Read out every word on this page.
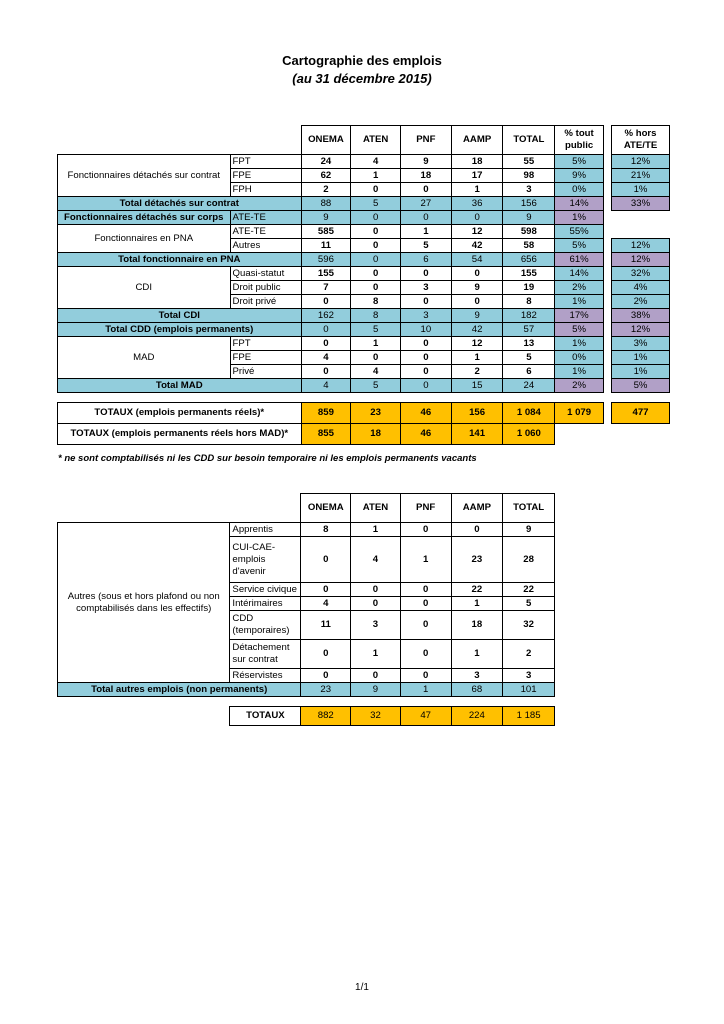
Cartographie des emplois
(au 31 décembre 2015)
		ONEMA	ATEN	PNF	AAMP	TOTAL	% tout public		% hors ATE/TE
Fonctionnaires détachés sur contrat	FPT	24	4	9	18	55	5%		12%
	FPE	62	1	18	17	98	9%		21%
	FPH	2	0	0	1	3	0%		1%
Total détachés sur contrat		88	5	27	36	156	14%		33%
Fonctionnaires détachés sur corps	ATE-TE	9	0	0	0	9	1%		
Fonctionnaires en PNA	ATE-TE	585	0	1	12	598	55%		
	Autres	11	0	5	42	58	5%		12%
Total fonctionnaire en PNA		596	0	6	54	656	61%		12%
CDI	Quasi-statut	155	0	0	0	155	14%		32%
	Droit public	7	0	3	9	19	2%		4%
	Droit privé	0	8	0	0	8	1%		2%
Total CDI		162	8	3	9	182	17%		38%
Total CDD (emplois permanents)		0	5	10	42	57	5%		12%
MAD	FPT	0	1	0	12	13	1%		3%
	FPE	4	0	0	1	5	0%		1%
	Privé	0	4	0	2	6	1%		1%
Total MAD		4	5	0	15	24	2%		5%

TOTAUX (emplois permanents réels)*		859	23	46	156	1 084	1 079		477
TOTAUX (emplois permanents réels hors MAD)*		855	18	46	141	1 060			
* ne sont comptabilisés ni les CDD sur besoin temporaire ni les emplois permanents vacants
		ONEMA	ATEN	PNF	AAMP	TOTAL
Autres (sous et hors plafond ou non comptabilisés dans les effectifs)	Apprentis	8	1	0	0	9
	CUI-CAE-emplois d'avenir	0	4	1	23	28
	Service civique	0	0	0	22	22
	Intérimaires	4	0	0	1	5
	CDD (temporaires)	11	3	0	18	32
	Détachement sur contrat	0	1	0	1	2
	Réservistes	0	0	0	3	3
Total autres emplois (non permanents)		23	9	1	68	101

	TOTAUX	882	32	47	224	1 185
1/1
